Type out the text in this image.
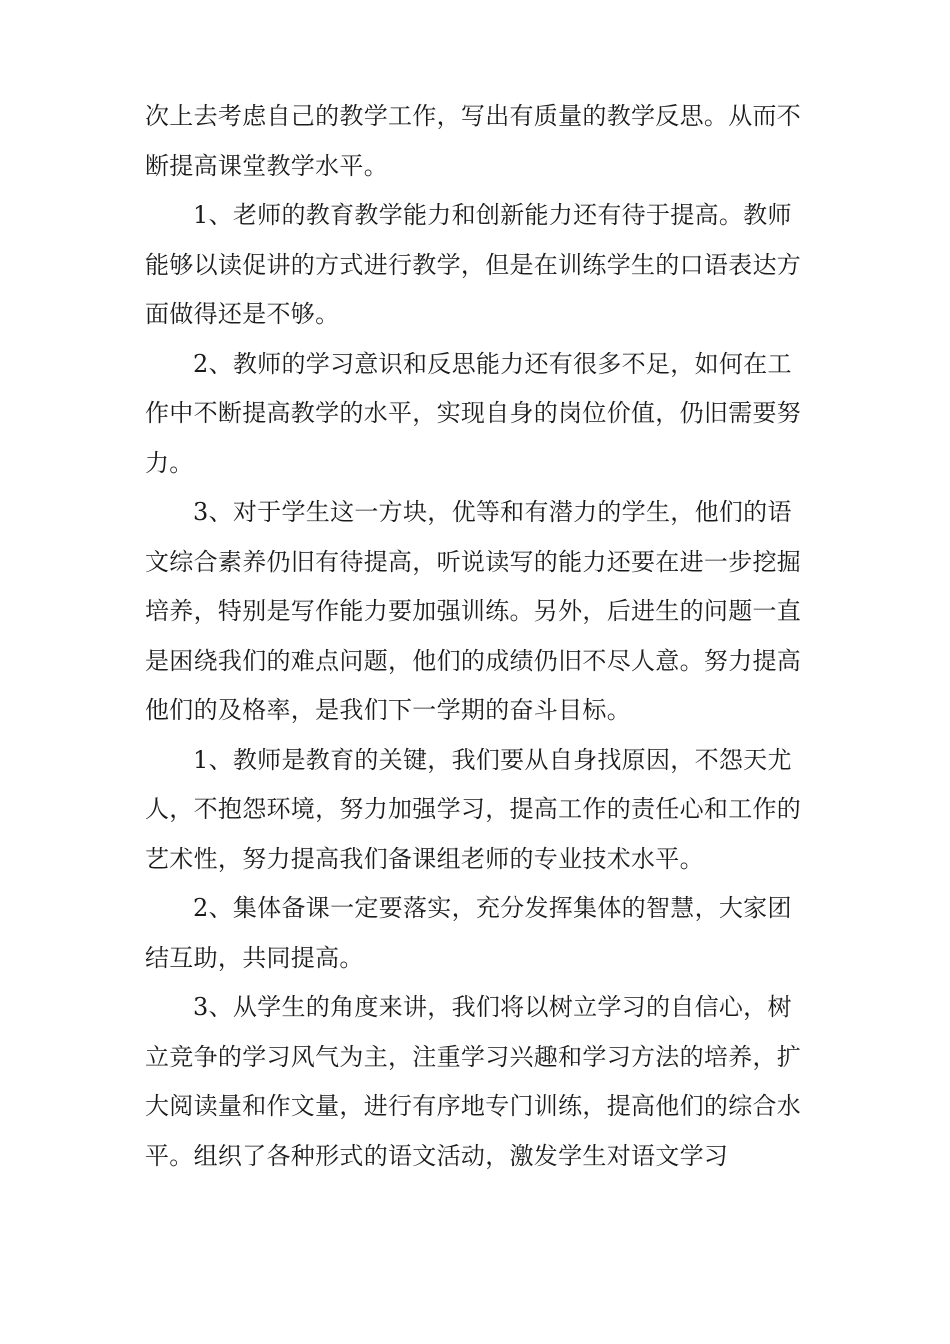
次上去考虑自己的教学工作，写出有质量的教学反思。从而不断提高课堂教学水平。

1、老师的教育教学能力和创新能力还有待于提高。教师能够以读促讲的方式进行教学，但是在训练学生的口语表达方面做得还是不够。

2、教师的学习意识和反思能力还有很多不足，如何在工作中不断提高教学的水平，实现自身的岗位价值，仍旧需要努力。

3、对于学生这一方块，优等和有潜力的学生，他们的语文综合素养仍旧有待提高，听说读写的能力还要在进一步挖掘培养，特别是写作能力要加强训练。另外，后进生的问题一直是困绕我们的难点问题，他们的成绩仍旧不尽人意。努力提高他们的及格率，是我们下一学期的奋斗目标。

1、教师是教育的关键，我们要从自身找原因，不怨天尤人，不抱怨环境，努力加强学习，提高工作的责任心和工作的艺术性，努力提高我们备课组老师的专业技术水平。

2、集体备课一定要落实，充分发挥集体的智慧，大家团结互助，共同提高。

3、从学生的角度来讲，我们将以树立学习的自信心，树立竞争的学习风气为主，注重学习兴趣和学习方法的培养，扩大阅读量和作文量，进行有序地专门训练，提高他们的综合水平。组织了各种形式的语文活动，激发学生对语文学习
